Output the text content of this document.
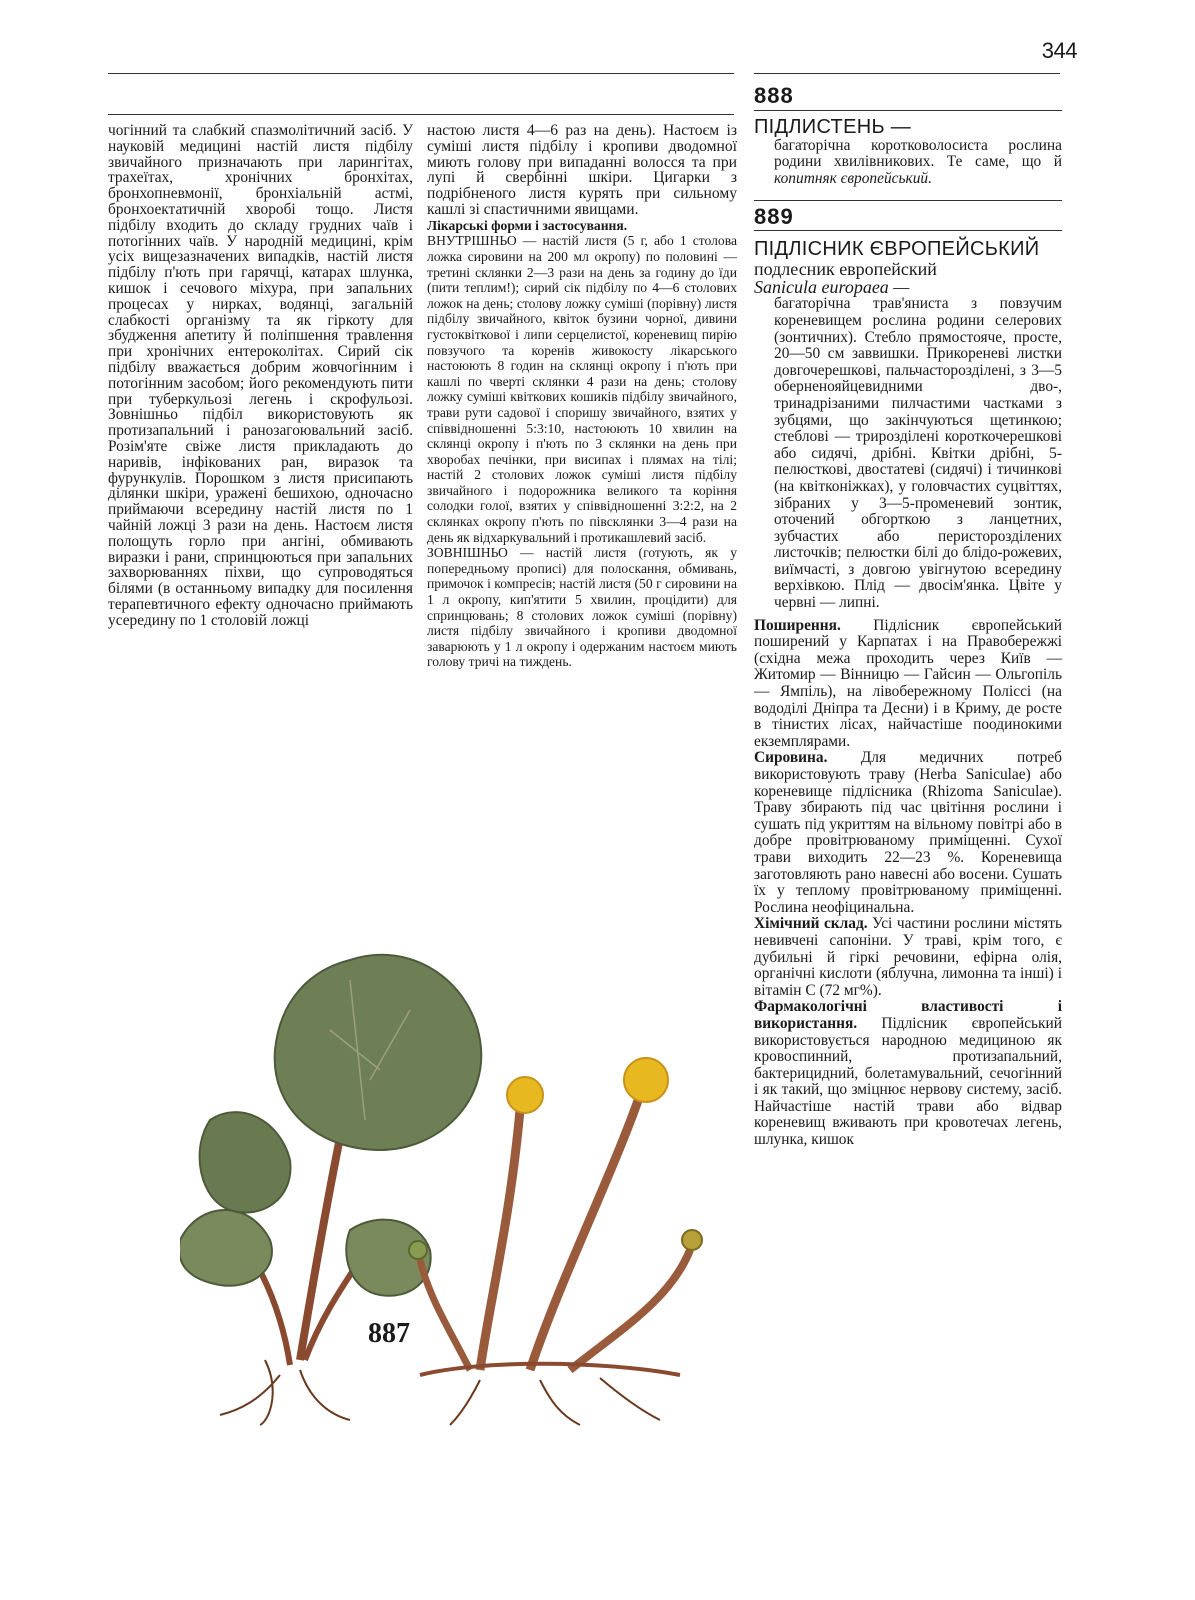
344

чогінний та слабкий спазмолітичний засіб. У науковій медицині настій листя підбілу звичайного призначають при ларингітах, трахеїтах, хронічних бронхітах, бронхопневмонії, бронхіальній астмі, бронхоектатичній хворобі тощо. Листя підбілу входить до складу грудних чаїв і потогінних чаїв. У народній медицині, крім усіх вищезазначених випадків, настій листя підбілу п'ють при гарячці, катарах шлунка, кишок і сечового міхура, при запальних процесах у нирках, водянці, загальній слабкості організму та як гіркоту для збудження апетиту й поліпшення травлення при хронічних ентероколітах. Сирий сік підбілу вважається добрим жовчогінним і потогінним засобом; його рекомендують пити при туберкульозі легень і скрофульозі. Зовнішньо підбіл використовують як протизапальний і ранозагоювальний засіб. Розім'яте свіже листя прикладають до наривів, інфікованих ран, виразок та фурункулів. Порошком з листя присипають ділянки шкіри, уражені бешихою, одночасно приймаючи всередину настій листя по 1 чайній ложці 3 рази на день. Настоєм листя полощуть горло при ангіні, обмивають виразки і рани, спринцюються при запальних захворюваннях піхви, що супроводяться білями (в останньому випадку для посилення терапевтичного ефекту одночасно приймають усередину по 1 столовій ложці

настою листя 4—6 раз на день). Настоєм із суміші листя підбілу і кропиви дводомної миють голову при випаданні волосся та при лупі й свербінні шкіри. Цигарки з подрібненого листя курять при сильному кашлі зі спастичними явищами.

Лікарські форми і застосування.
ВНУТРІШНЬО — настій листя (5 г, або 1 столова ложка сировини на 200 мл окропу) по половині — третині склянки 2—3 рази на день за годину до їди (пити теплим!); сирий сік підбілу по 4—6 столових ложок на день; столову ложку суміші (порівну) листя підбілу звичайного, квіток бузини чорної, дивини густоквіткової і липи серцелистої, кореневищ пирію повзучого та коренів живокосту лікарського настоюють 8 годин на склянці окропу і п'ють при кашлі по чверті склянки 4 рази на день; столову ложку суміші квіткових кошиків підбілу звичайного, трави рути садової і споришу звичайного, взятих у співвідношенні 5:3:10, настоюють 10 хвилин на склянці окропу і п'ють по 3 склянки на день при хворобах печінки, при висипах і плямах на тілі; настій 2 столових ложок суміші листя підбілу звичайного і подорожника великого та коріння солодки голої, взятих у співвідношенні 3:2:2, на 2 склянках окропу п'ють по півсклянки 3—4 рази на день як відхаркувальний і протикашлевий засіб.
ЗОВНІШНЬО — настій листя (готують, як у попередньому прописі) для полоскання, обмивань, примочок і компресів; настій листя (50 г сировини на 1 л окропу, кип'ятити 5 хвилин, процідити) для спринцювань; 8 столових ложок суміші (порівну) листя підбілу звичайного і кропиви дводомної заварюють у 1 л окропу і одержаним настоєм миють голову тричі на тиждень.

888
ПІДЛИСТЕНЬ —
багаторічна коротковолосиста рослина родини хвилівникових. Те саме, що й копитняк європейський.
889
ПІДЛІСНИК ЄВРОПЕЙСЬКИЙ
подлесник европейский
Sanicula europaea —
багаторічна трав'яниста з повзучим кореневищем рослина родини селерових (зонтичних). Стебло прямостояче, просте, 20—50 см заввишки. Прикореневі листки довгочерешкові, пальчасторозділені, з 3—5 оберненояйцевидними дво-, тринадрізаними пилчастими частками з зубцями, що закінчуються щетинкою; стеблові — трирозділені короткочерешкові або сидячі, дрібні. Квітки дрібні, 5-пелюсткові, двостатеві (сидячі) і тичинкові (на квітконіжках), у головчастих суцвіттях, зібраних у 3—5-променевий зонтик, оточений обгорткою з ланцетних, зубчастих або перисторозділених листочків; пелюстки білі до блідо-рожевих, виїмчасті, з довгою увігнутою всередину верхівкою. Плід — двосім'янка. Цвіте у червні — липні.
Поширення. Підлісник європейський поширений у Карпатах і на Правобережжі (східна межа проходить через Київ — Житомир — Вінницю — Гайсин — Ольгопіль— Ямпіль), на лівобережному Поліссі (на вододілі Дніпра та Десни) і в Криму, де росте в тінистих лісах, найчастіше поодинокими екземплярами.
Сировина. Для медичних потреб використовують траву (Herba Saniculae) або кореневище підлісника (Rhizoma Saniculae). Траву збирають під час цвітіння рослини і сушать під укриттям на вільному повітрі або в добре провітрюваному приміщенні. Сухої трави виходить 22—23 %. Кореневища заготовляють рано навесні або восени. Сушать їх у теплому провітрюваному приміщенні. Рослина неофіцинальна.
Хімічний склад. Усі частини рослини містять невивчені сапоніни. У траві, крім того, є дубильні й гіркі речовини, ефірна олія, органічні кислоти (яблучна, лимонна та інші) і вітамін С (72 мг%).
Фармакологічні властивості і використання. Підлісник європейський використовується народною медициною як кровоспинний, протизапальний, бактерицидний, болетамувальний, сечогінний і як такий, що зміцнює нервову систему, засіб. Найчастіше настій трави або відвар кореневищ вживають при кровотечах легень, шлунка, кишок
887
